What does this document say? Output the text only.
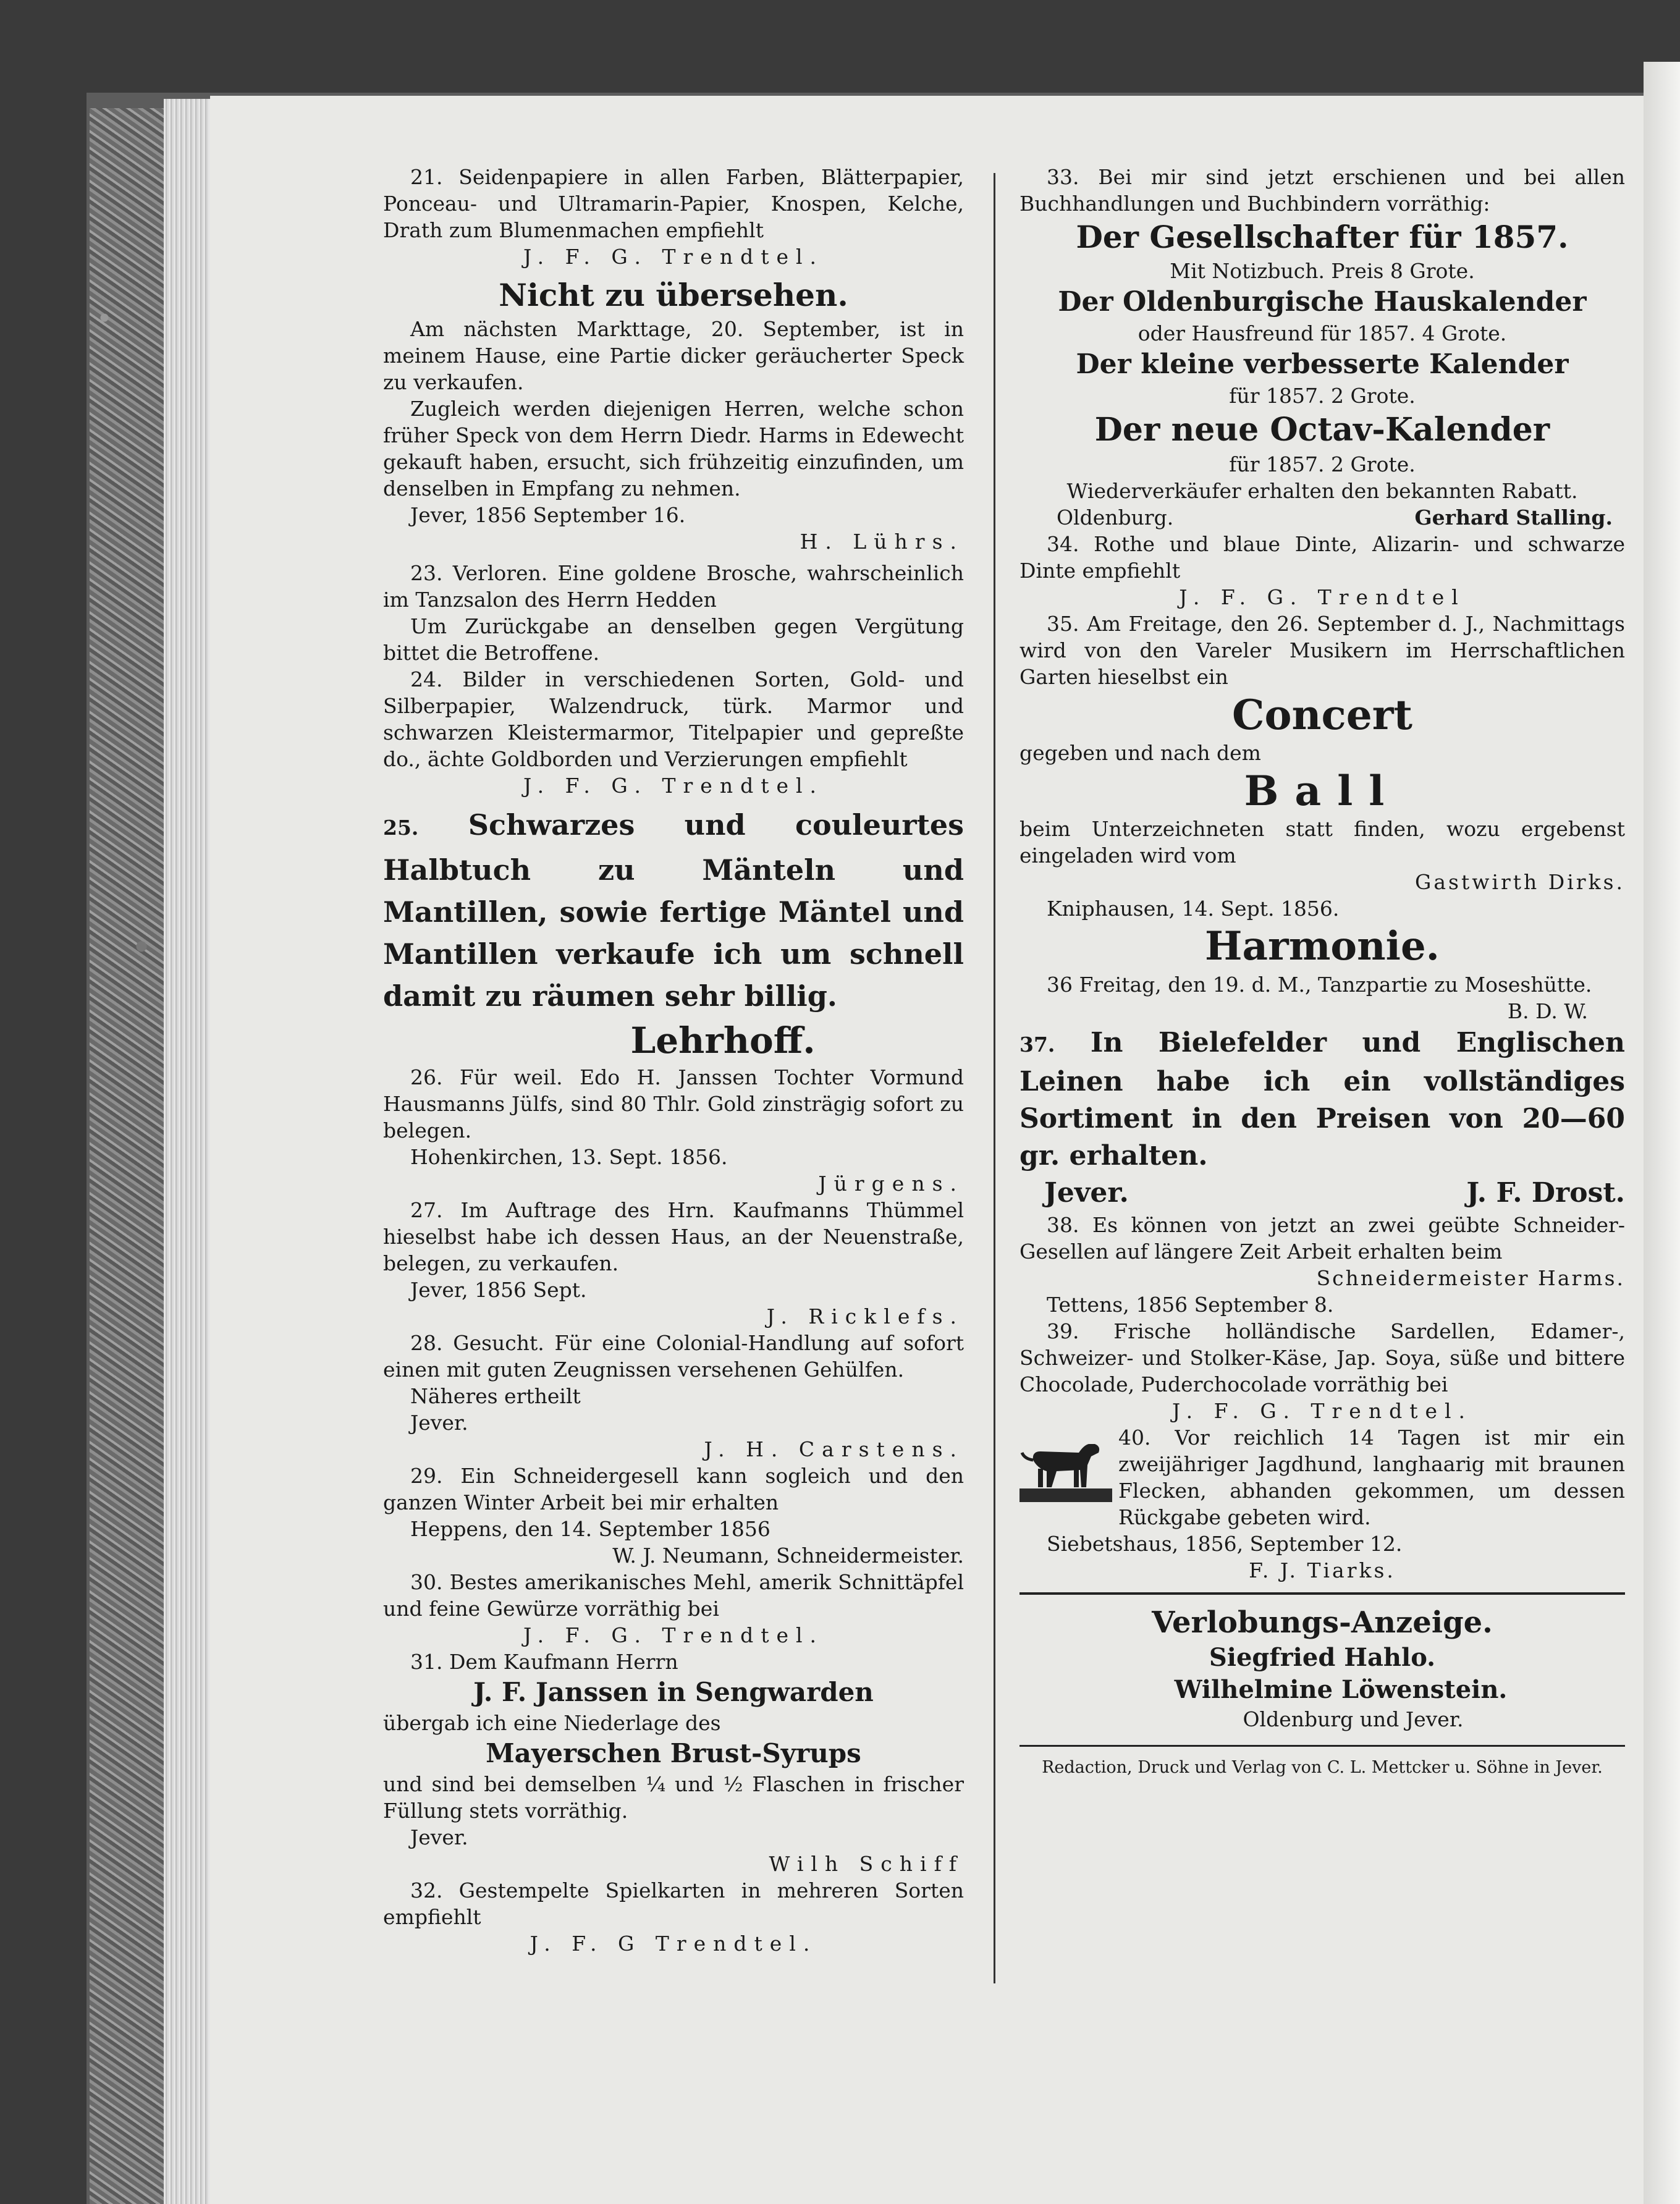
21. Seidenpapiere in allen Farben, Blätterpapier, Ponceau- und Ultramarin-Papier, Knospen, Kelche, Drath zum Blumenmachen empfiehlt

J. F. G. Trendtel.

Nicht zu übersehen.

Am nächsten Markttage, 20. September, ist in meinem Hause, eine Partie dicker geräucherter Speck zu verkaufen.

Zugleich werden diejenigen Herren, welche schon früher Speck von dem Herrn Diedr. Harms in Edewecht gekauft haben, ersucht, sich frühzeitig einzufinden, um denselben in Empfang zu nehmen.

Jever, 1856 September 16.

H. Lührs.

23. Verloren. Eine goldene Brosche, wahrscheinlich im Tanzsalon des Herrn Hedden

Um Zurückgabe an denselben gegen Vergütung bittet die Betroffene.

24. Bilder in verschiedenen Sorten, Gold- und Silberpapier, Walzendruck, türk. Marmor und schwarzen Kleistermarmor, Titelpapier und gepreßte do., ächte Goldborden und Verzierungen empfiehlt

J. F. G. Trendtel.

25. Schwarzes und couleurtes Halbtuch zu Mänteln und Mantillen, sowie fertige Mäntel und Mantillen verkaufe ich um schnell damit zu räumen sehr billig.

Lehrhoff.

26. Für weil. Edo H. Janssen Tochter Vormund Hausmanns Jülfs, sind 80 Thlr. Gold zinsträgig sofort zu belegen.

Hohenkirchen, 13. Sept. 1856.

Jürgens.

27. Im Auftrage des Hrn. Kaufmanns Thümmel hieselbst habe ich dessen Haus, an der Neuenstraße, belegen, zu verkaufen.

Jever, 1856 Sept.

J. Ricklefs.

28. Gesucht. Für eine Colonial-Handlung auf sofort einen mit guten Zeugnissen versehenen Gehülfen.

Näheres ertheilt

Jever.

J. H. Carstens.

29. Ein Schneidergesell kann sogleich und den ganzen Winter Arbeit bei mir erhalten

Heppens, den 14. September 1856

W. J. Neumann, Schneidermeister.

30. Bestes amerikanisches Mehl, amerik Schnittäpfel und feine Gewürze vorräthig bei

J. F. G. Trendtel.

31. Dem Kaufmann Herrn

J. F. Janssen in Sengwarden

übergab ich eine Niederlage des

Mayerschen Brust-Syrups

und sind bei demselben ¼ und ½ Flaschen in frischer Füllung stets vorräthig.

Jever.

Wilh Schiff

32. Gestempelte Spielkarten in mehreren Sorten empfiehlt

J. F. G Trendtel.

33. Bei mir sind jetzt erschienen und bei allen Buchhandlungen und Buchbindern vorräthig:

Der Gesellschafter für 1857.

Mit Notizbuch. Preis 8 Grote.

Der Oldenburgische Hauskalender

oder Hausfreund für 1857. 4 Grote.

Der kleine verbesserte Kalender

für 1857. 2 Grote.

Der neue Octav-Kalender

für 1857. 2 Grote.

Wiederverkäufer erhalten den bekannten Rabatt.

Oldenburg.	Gerhard Stalling.

34. Rothe und blaue Dinte, Alizarin- und schwarze Dinte empfiehlt

J. F. G. Trendtel

35. Am Freitage, den 26. September d. J., Nachmittags wird von den Vareler Musikern im Herrschaftlichen Garten hieselbst ein

Concert

gegeben und nach dem

Ball

beim Unterzeichneten statt finden, wozu ergebenst eingeladen wird vom

Gastwirth Dirks.

Kniphausen, 14. Sept. 1856.

Harmonie.

36 Freitag, den 19. d. M., Tanzpartie zu Moseshütte.

B. D. W.

37. In Bielefelder und Englischen Leinen habe ich ein vollständiges Sortiment in den Preisen von 20—60 gr. erhalten.

Jever.	J. F. Drost.

38. Es können von jetzt an zwei geübte Schneider-Gesellen auf längere Zeit Arbeit erhalten beim

Schneidermeister Harms.

Tettens, 1856 September 8.

39. Frische holländische Sardellen, Edamer-, Schweizer- und Stolker-Käse, Jap. Soya, süße und bittere Chocolade, Puderchocolade vorräthig bei

J. F. G. Trendtel.

40. Vor reichlich 14 Tagen ist mir ein zweijähriger Jagdhund, langhaarig mit braunen Flecken, abhanden gekommen, um dessen Rückgabe gebeten wird.

Siebetshaus, 1856, September 12.

F. J. Tiarks.

Verlobungs-Anzeige.

Siegfried Hahlo.

Wilhelmine Löwenstein.

Oldenburg und Jever.

Redaction, Druck und Verlag von C. L. Mettcker u. Söhne in Jever.
